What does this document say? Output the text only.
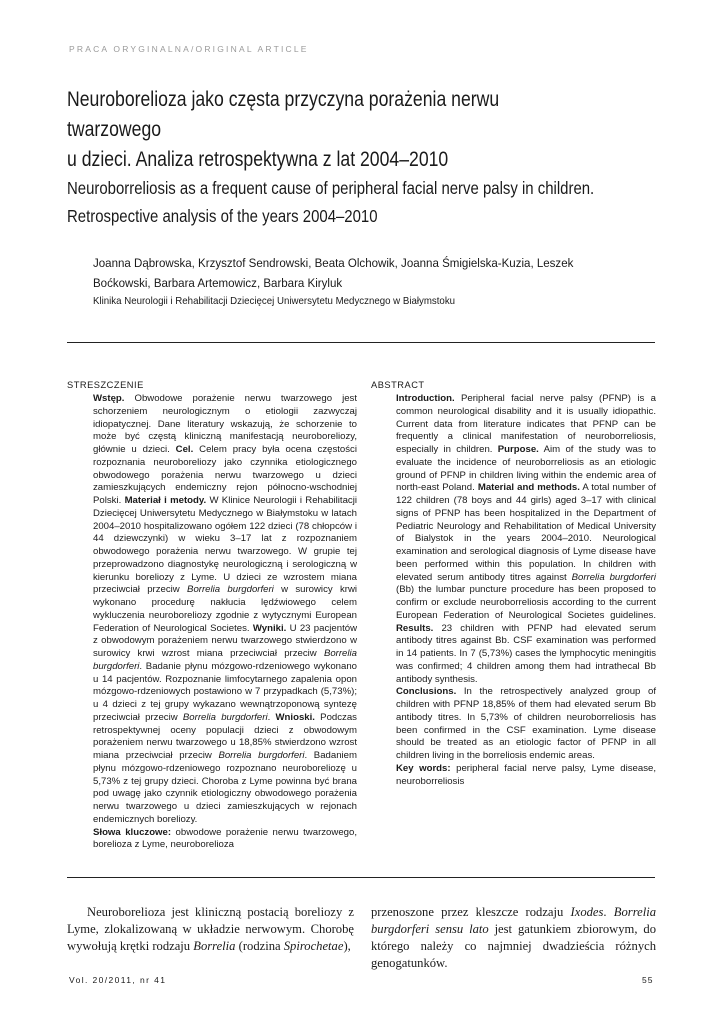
PRACA ORYGINALNA/ORIGINAL ARTICLE
Neuroborelioza jako częsta przyczyna porażenia nerwu twarzowego
u dzieci. Analiza retrospektywna z lat 2004–2010
Neuroborreliosis as a frequent cause of peripheral facial nerve palsy in children.
Retrospective analysis of the years 2004–2010
Joanna Dąbrowska, Krzysztof Sendrowski, Beata Olchowik, Joanna Śmigielska-Kuzia, Leszek Boćkowski, Barbara Artemowicz, Barbara Kiryluk
Klinika Neurologii i Rehabilitacji Dziecięcej Uniwersytetu Medycznego w Białymstoku
STRESZCZENIE	ABSTRACT
Wstęp. Obwodowe porażenie nerwu twarzowego jest schorzeniem neurologicznym o etiologii zazwyczaj idiopatycznej. Dane literatury wskazują, że schorzenie to może być częstą kliniczną manifestacją neuroboreliozy, głównie u dzieci. Cel. Celem pracy była ocena częstości rozpoznania neuroboreliozy jako czynnika etiologicznego obwodowego porażenia nerwu twarzowego u dzieci zamieszkujących endemiczny rejon północno-wschodniej Polski. Materiał i metody. W Klinice Neurologii i Rehabilitacji Dziecięcej Uniwersytetu Medycznego w Białymstoku w latach 2004–2010 hospitalizowano ogółem 122 dzieci (78 chłopców i 44 dziewczynki) w wieku 3–17 lat z rozpoznaniem obwodowego porażenia nerwu twarzowego. W grupie tej przeprowadzono diagnostykę neurologiczną i serologiczną w kierunku boreliozy z Lyme. U dzieci ze wzrostem miana przeciwciał przeciw Borrelia burgdorferi w surowicy krwi wykonano procedurę nakłucia lędźwiowego celem wykluczenia neuroboreliozy zgodnie z wytycznymi European Federation of Neurological Societes. Wyniki. U 23 pacjentów z obwodowym porażeniem nerwu twarzowego stwierdzono w surowicy krwi wzrost miana przeciwciał przeciw Borrelia burgdorferi. Badanie płynu mózgowo-rdzeniowego wykonano u 14 pacjentów. Rozpoznanie limfocytarnego zapalenia opon mózgowo-rdzeniowych postawiono w 7 przypadkach (5,73%); u 4 dzieci z tej grupy wykazano wewnątrzoponową syntezę przeciwciał przeciw Borrelia burgdorferi. Wnioski. Podczas retrospektywnej oceny populacji dzieci z obwodowym porażeniem nerwu twarzowego u 18,85% stwierdzono wzrost miana przeciwciał przeciw Borrelia burgdorferi. Badaniem płynu mózgowo-rdzeniowego rozpoznano neuroboreliozę u 5,73% z tej grupy dzieci. Choroba z Lyme powinna być brana pod uwagę jako czynnik etiologiczny obwodowego porażenia nerwu twarzowego u dzieci zamieszkujących w rejonach endemicznych boreliozy.
Słowa kluczowe: obwodowe porażenie nerwu twarzowego, borelioza z Lyme, neuroborelioza
Introduction. Peripheral facial nerve palsy (PFNP) is a common neurological disability and it is usually idiopathic. Current data from literature indicates that PFNP can be frequently a clinical manifestation of neuroborreliosis, especially in children. Purpose. Aim of the study was to evaluate the incidence of neuroborreliosis as an etiologic ground of PFNP in children living within the endemic area of north-east Poland. Material and methods. A total number of 122 children (78 boys and 44 girls) aged 3–17 with clinical signs of PFNP has been hospitalized in the Department of Pediatric Neurology and Rehabilitation of Medical University of Bialystok in the years 2004–2010. Neurological examination and serological diagnosis of Lyme disease have been performed within this population. In children with elevated serum antibody titres against Borrelia burgdorferi (Bb) the lumbar puncture procedure has been proposed to confirm or exclude neuroborreliosis according to the current European Federation of Neurological Societes guidelines. Results. 23 children with PFNP had elevated serum antibody titres against Bb. CSF examination was performed in 14 patients. In 7 (5,73%) cases the lymphocytic meningitis was confirmed; 4 children among them had intrathecal Bb antibody synthesis.
Conclusions. In the retrospectively analyzed group of children with PFNP 18,85% of them had elevated serum Bb antibody titres. In 5,73% of children neuroborreliosis has been confirmed in the CSF examination. Lyme disease should be treated as an etiologic factor of PFNP in all children living in the borreliosis endemic areas.
Key words: peripheral facial nerve palsy, Lyme disease, neuroborreliosis
Neuroborelioza jest kliniczną postacią boreliozy z Lyme, zlokalizowaną w układzie nerwowym. Chorobę wywołują krętki rodzaju Borrelia (rodzina Spirochetae),
przenoszone przez kleszcze rodzaju Ixodes. Borrelia burgdorferi sensu lato jest gatunkiem zbiorowym, do którego należy co najmniej dwadzieścia różnych genogatunków.
Vol. 20/2011, nr 41	55
